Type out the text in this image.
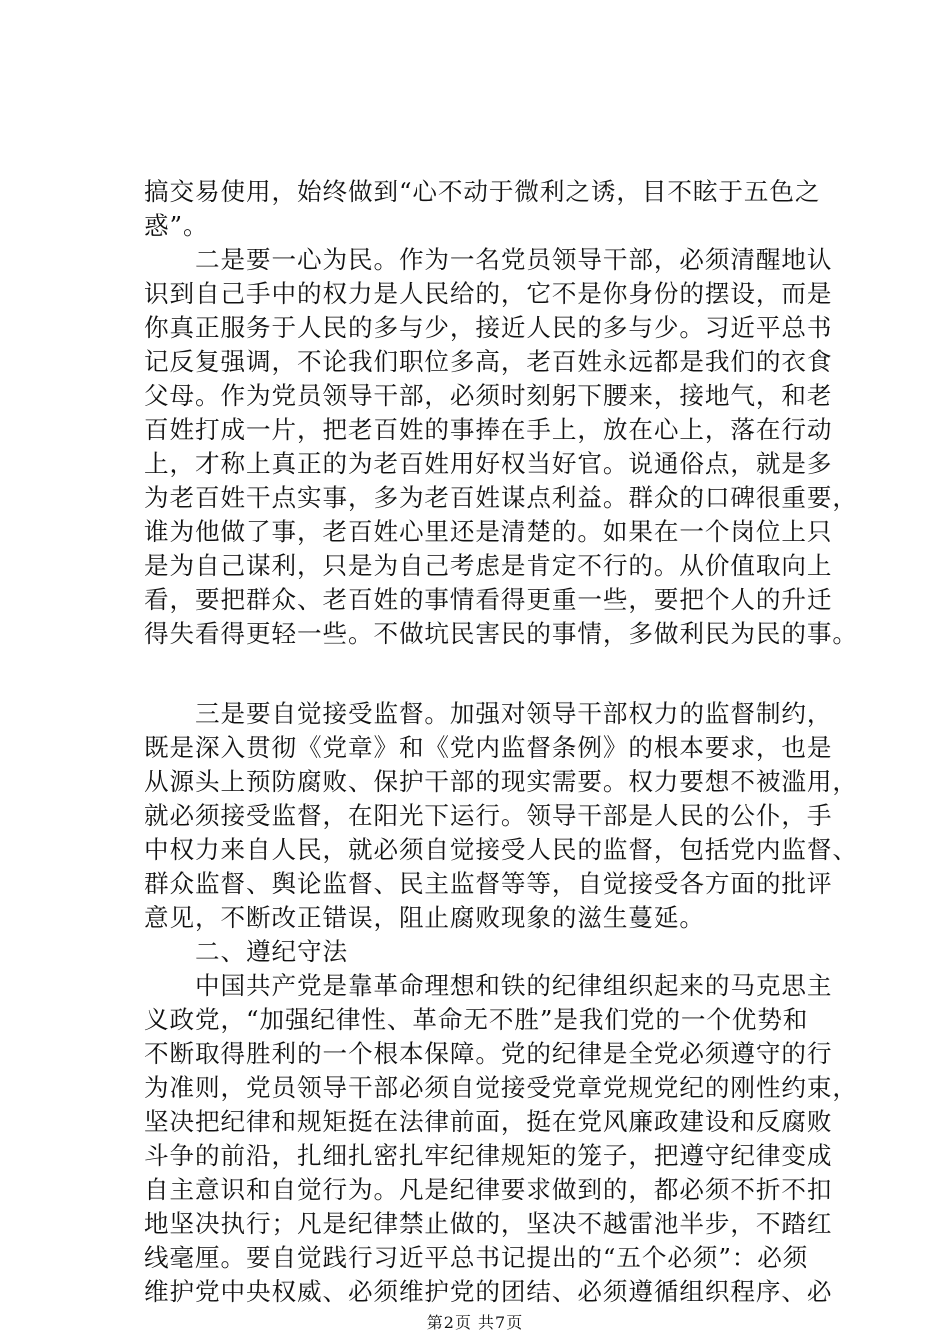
搞交易使用，始终做到“心不动于微利之诱，目不眩于五色之
惑”。
　　二是要一心为民。作为一名党员领导干部，必须清醒地认
识到自己手中的权力是人民给的，它不是你身份的摆设，而是
你真正服务于人民的多与少，接近人民的多与少。习近平总书
记反复强调，不论我们职位多高，老百姓永远都是我们的衣食
父母。作为党员领导干部，必须时刻躬下腰来，接地气，和老
百姓打成一片，把老百姓的事捧在手上，放在心上，落在行动
上，才称上真正的为老百姓用好权当好官。说通俗点，就是多
为老百姓干点实事，多为老百姓谋点利益。群众的口碑很重要，
谁为他做了事，老百姓心里还是清楚的。如果在一个岗位上只
是为自己谋利，只是为自己考虑是肯定不行的。从价值取向上
看，要把群众、老百姓的事情看得更重一些，要把个人的升迁
得失看得更轻一些。不做坑民害民的事情，多做利民为民的事。
　　三是要自觉接受监督。加强对领导干部权力的监督制约，
既是深入贯彻《党章》和《党内监督条例》的根本要求，也是
从源头上预防腐败、保护干部的现实需要。权力要想不被滥用，
就必须接受监督，在阳光下运行。领导干部是人民的公仆，手
中权力来自人民，就必须自觉接受人民的监督，包括党内监督、
群众监督、舆论监督、民主监督等等，自觉接受各方面的批评
意见，不断改正错误，阻止腐败现象的滋生蔓延。
　　二、遵纪守法
　　中国共产党是靠革命理想和铁的纪律组织起来的马克思主
义政党，“加强纪律性、革命无不胜”是我们党的一个优势和
不断取得胜利的一个根本保障。党的纪律是全党必须遵守的行
为准则，党员领导干部必须自觉接受党章党规党纪的刚性约束，
坚决把纪律和规矩挺在法律前面，挺在党风廉政建设和反腐败
斗争的前沿，扎细扎密扎牢纪律规矩的笼子，把遵守纪律变成
自主意识和自觉行为。凡是纪律要求做到的，都必须不折不扣
地坚决执行；凡是纪律禁止做的，坚决不越雷池半步，不踏红
线毫厘。要自觉践行习近平总书记提出的“五个必须”：必须
维护党中央权威、必须维护党的团结、必须遵循组织程序、必
第2页 共7页
